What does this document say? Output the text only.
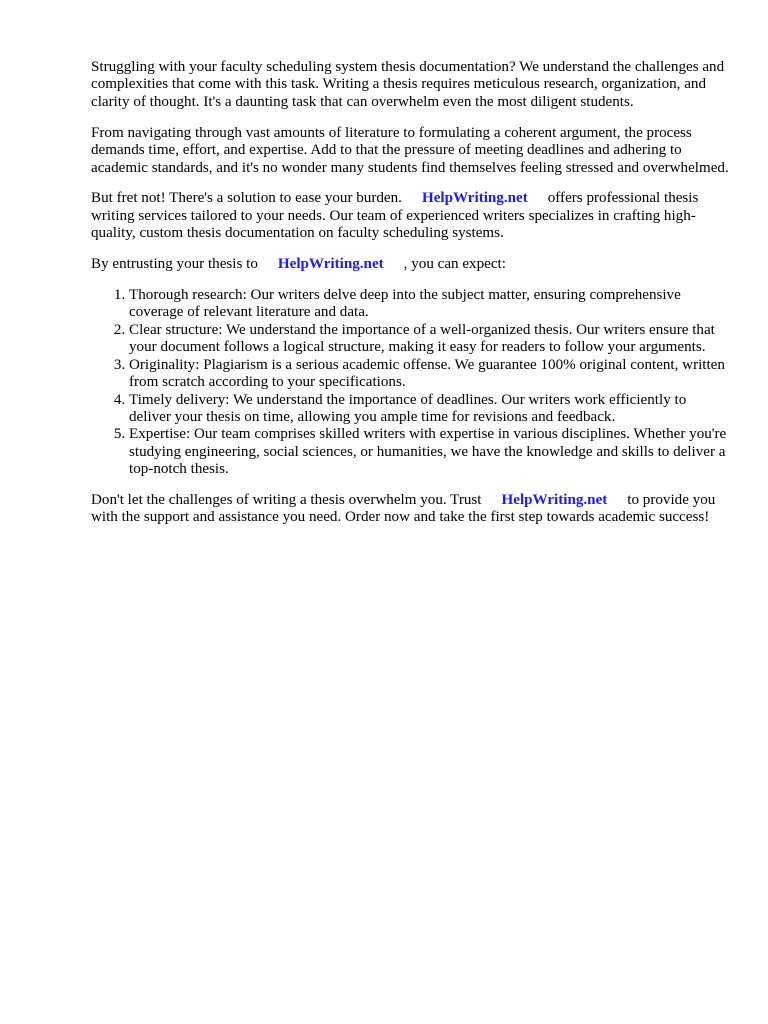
Struggling with your faculty scheduling system thesis documentation? We understand the challenges and complexities that come with this task. Writing a thesis requires meticulous research, organization, and clarity of thought. It's a daunting task that can overwhelm even the most diligent students.

From navigating through vast amounts of literature to formulating a coherent argument, the process demands time, effort, and expertise. Add to that the pressure of meeting deadlines and adhering to academic standards, and it's no wonder many students find themselves feeling stressed and overwhelmed.

But fret not! There's a solution to ease your burden. HelpWriting.net offers professional thesis writing services tailored to your needs. Our team of experienced writers specializes in crafting high-quality, custom thesis documentation on faculty scheduling systems.

By entrusting your thesis to HelpWriting.net , you can expect:

1. Thorough research: Our writers delve deep into the subject matter, ensuring comprehensive coverage of relevant literature and data.
2. Clear structure: We understand the importance of a well-organized thesis. Our writers ensure that your document follows a logical structure, making it easy for readers to follow your arguments.
3. Originality: Plagiarism is a serious academic offense. We guarantee 100% original content, written from scratch according to your specifications.
4. Timely delivery: We understand the importance of deadlines. Our writers work efficiently to deliver your thesis on time, allowing you ample time for revisions and feedback.
5. Expertise: Our team comprises skilled writers with expertise in various disciplines. Whether you're studying engineering, social sciences, or humanities, we have the knowledge and skills to deliver a top-notch thesis.

Don't let the challenges of writing a thesis overwhelm you. Trust HelpWriting.net to provide you with the support and assistance you need. Order now and take the first step towards academic success!
